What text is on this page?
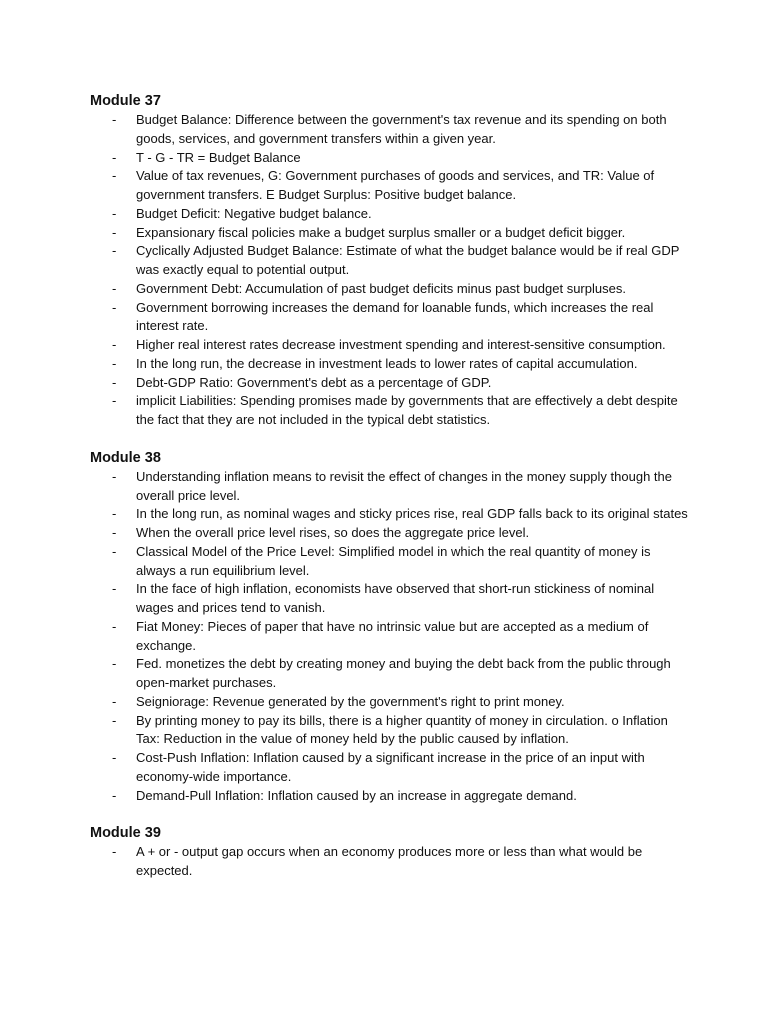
Module 37
- Budget Balance: Difference between the government's tax revenue and its spending on both goods, services, and government transfers within a given year.
- T - G - TR = Budget Balance
- Value of tax revenues, G: Government purchases of goods and services, and TR: Value of government transfers. E Budget Surplus: Positive budget balance.
- Budget Deficit: Negative budget balance.
- Expansionary fiscal policies make a budget surplus smaller or a budget deficit bigger.
- Cyclically Adjusted Budget Balance: Estimate of what the budget balance would be if real GDP was exactly equal to potential output.
- Government Debt: Accumulation of past budget deficits minus past budget surpluses.
- Government borrowing increases the demand for loanable funds, which increases the real interest rate.
- Higher real interest rates decrease investment spending and interest-sensitive consumption.
- In the long run, the decrease in investment leads to lower rates of capital accumulation.
- Debt-GDP Ratio: Government's debt as a percentage of GDP.
- implicit Liabilities: Spending promises made by governments that are effectively a debt despite the fact that they are not included in the typical debt statistics.
Module 38
- Understanding inflation means to revisit the effect of changes in the money supply though the overall price level.
- In the long run, as nominal wages and sticky prices rise, real GDP falls back to its original states
- When the overall price level rises, so does the aggregate price level.
- Classical Model of the Price Level: Simplified model in which the real quantity of money is always a run equilibrium level.
- In the face of high inflation, economists have observed that short-run stickiness of nominal wages and prices tend to vanish.
- Fiat Money: Pieces of paper that have no intrinsic value but are accepted as a medium of exchange.
- Fed. monetizes the debt by creating money and buying the debt back from the public through open-market purchases.
- Seigniorage: Revenue generated by the government's right to print money.
- By printing money to pay its bills, there is a higher quantity of money in circulation. o Inflation Tax: Reduction in the value of money held by the public caused by inflation.
- Cost-Push Inflation: Inflation caused by a significant increase in the price of an input with economy-wide importance.
- Demand-Pull Inflation: Inflation caused by an increase in aggregate demand.
Module 39
- A + or - output gap occurs when an economy produces more or less than what would be expected.
